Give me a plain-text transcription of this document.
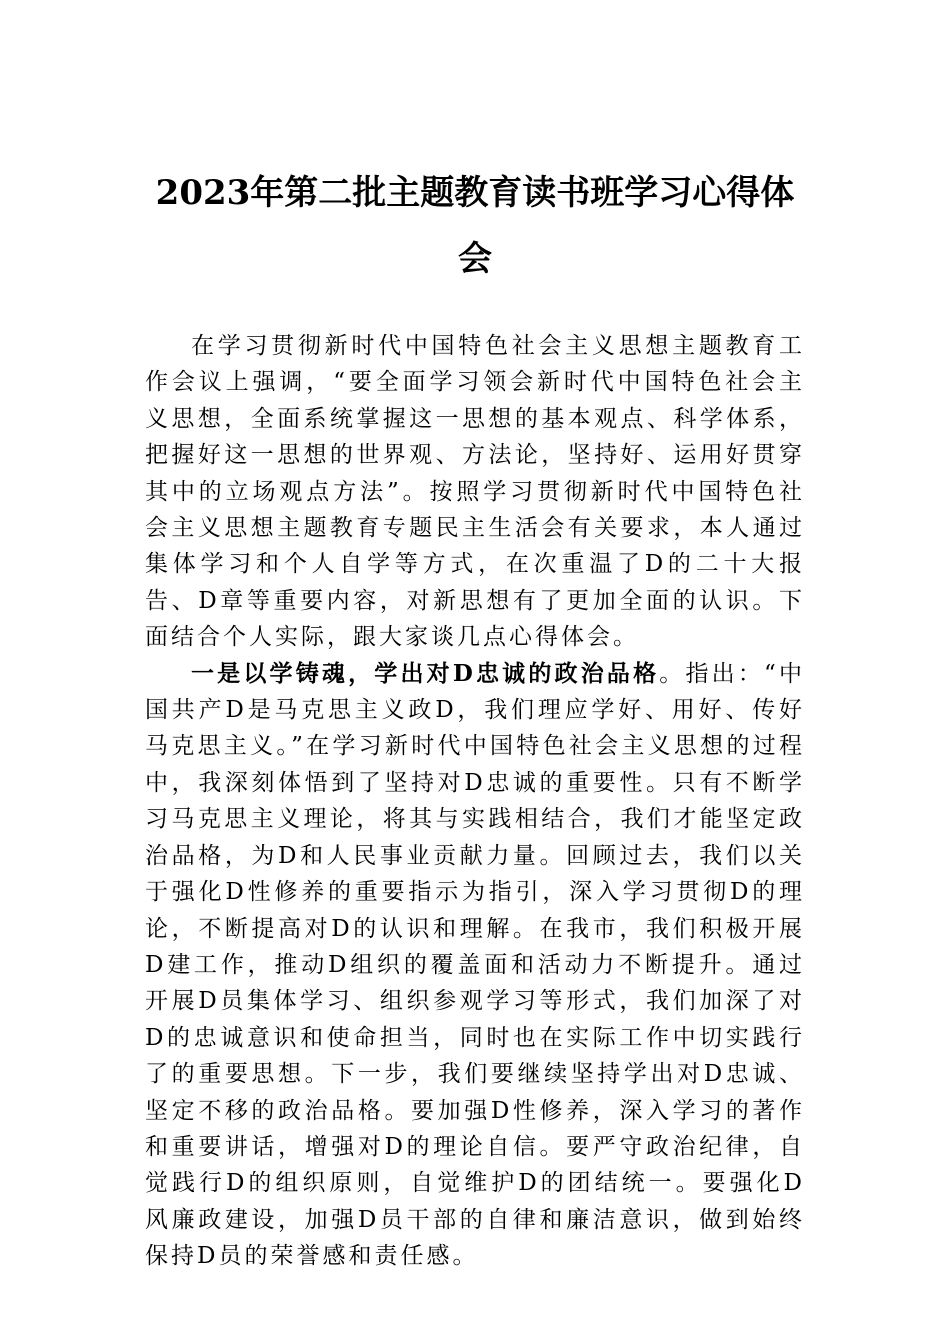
2023年第二批主题教育读书班学习心得体会

在学习贯彻新时代中国特色社会主义思想主题教育工作会议上强调，“要全面学习领会新时代中国特色社会主义思想，全面系统掌握这一思想的基本观点、科学体系，把握好这一思想的世界观、方法论，坚持好、运用好贯穿其中的立场观点方法”。按照学习贯彻新时代中国特色社会主义思想主题教育专题民主生活会有关要求，本人通过集体学习和个人自学等方式，在次重温了D的二十大报告、D章等重要内容，对新思想有了更加全面的认识。下面结合个人实际，跟大家谈几点心得体会。

一是以学铸魂，学出对D忠诚的政治品格。指出：“中国共产D是马克思主义政D，我们理应学好、用好、传好马克思主义。”在学习新时代中国特色社会主义思想的过程中，我深刻体悟到了坚持对D忠诚的重要性。只有不断学习马克思主义理论，将其与实践相结合，我们才能坚定政治品格，为D和人民事业贡献力量。回顾过去，我们以关于强化D性修养的重要指示为指引，深入学习贯彻D的理论，不断提高对D的认识和理解。在我市，我们积极开展D建工作，推动D组织的覆盖面和活动力不断提升。通过开展D员集体学习、组织参观学习等形式，我们加深了对D的忠诚意识和使命担当，同时也在实际工作中切实践行了的重要思想。下一步，我们要继续坚持学出对D忠诚、坚定不移的政治品格。要加强D性修养，深入学习的著作和重要讲话，增强对D的理论自信。要严守政治纪律，自觉践行D的组织原则，自觉维护D的团结统一。要强化D风廉政建设，加强D员干部的自律和廉洁意识，做到始终保持D员的荣誉感和责任感。
